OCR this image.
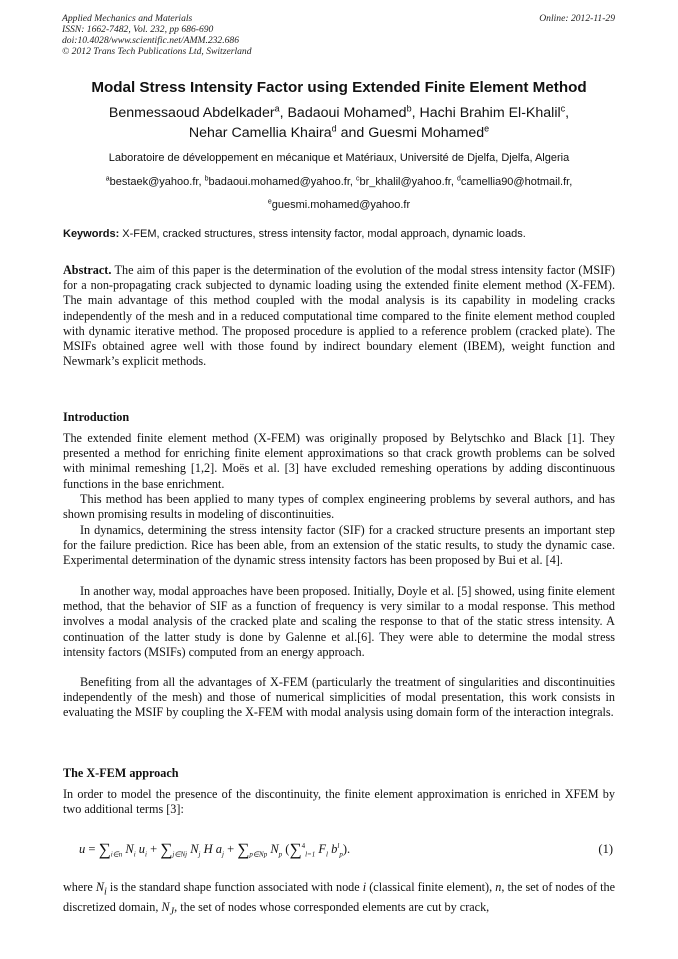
Applied Mechanics and Materials
ISSN: 1662-7482, Vol. 232, pp 686-690
doi:10.4028/www.scientific.net/AMM.232.686
© 2012 Trans Tech Publications Ltd, Switzerland
Online: 2012-11-29
Modal Stress Intensity Factor using Extended Finite Element Method
Benmessaoud Abdelkader$^a$, Badaoui Mohamed$^b$, Hachi Brahim El-Khalil$^c$,
Nehar Camellia Khaira$^d$ and Guesmi Mohamed$^e$
Laboratoire de développement en mécanique et Matériaux, Université de Djelfa, Djelfa, Algeria
$^a$bestaek@yahoo.fr, $^b$badaoui.mohamed@yahoo.fr, $^c$br_khalil@yahoo.fr, $^d$camellia90@hotmail.fr,
$^e$guesmi.mohamed@yahoo.fr
Keywords: X-FEM, cracked structures, stress intensity factor, modal approach, dynamic loads.
Abstract. The aim of this paper is the determination of the evolution of the modal stress intensity factor (MSIF) for a non-propagating crack subjected to dynamic loading using the extended finite element method (X-FEM). The main advantage of this method coupled with the modal analysis is its capability in modeling cracks independently of the mesh and in a reduced computational time compared to the finite element method coupled with dynamic iterative method. The proposed procedure is applied to a reference problem (cracked plate). The MSIFs obtained agree well with those found by indirect boundary element (IBEM), weight function and Newmark’s explicit methods.
Introduction
The extended finite element method (X-FEM) was originally proposed by Belytschko and Black [1]. They presented a method for enriching finite element approximations so that crack growth problems can be solved with minimal remeshing [1,2]. Moës et al. [3] have excluded remeshing operations by adding discontinuous functions in the base enrichment.
This method has been applied to many types of complex engineering problems by several authors, and has shown promising results in modeling of discontinuities.
In dynamics, determining the stress intensity factor (SIF) for a cracked structure presents an important step for the failure prediction. Rice has been able, from an extension of the static results, to study the dynamic case. Experimental determination of the dynamic stress intensity factors has been proposed by Bui et al. [4].
In another way, modal approaches have been proposed. Initially, Doyle et al. [5] showed, using finite element method, that the behavior of SIF as a function of frequency is very similar to a modal response. This method involves a modal analysis of the cracked plate and scaling the response to that of the static stress intensity. A continuation of the latter study is done by Galenne et al.[6]. They were able to determine the modal stress intensity factors (MSIFs) computed from an energy approach.
Benefiting from all the advantages of X-FEM (particularly the treatment of singularities and discontinuities independently of the mesh) and those of numerical simplicities of modal presentation, this work consists in evaluating the MSIF by coupling the X-FEM with modal analysis using domain form of the interaction integrals.
The X-FEM approach
In order to model the presence of the discontinuity, the finite element approximation is enriched in XFEM by two additional terms [3]:
$u = \sum_{i\in n}$ $N_i$ $u_i + \sum_{j\in Nj}$ $N_j$ H $a_j + \sum_{p\in Np}$ $N_p$ (∑$^4_{l=1}$ $F_l$ $b^l_p$).	(1)
where $N_i$ is the standard shape function associated with node i (classical finite element), n, the set of nodes of the discretized domain, $N_J$, the set of nodes whose corresponded elements are cut by crack,
